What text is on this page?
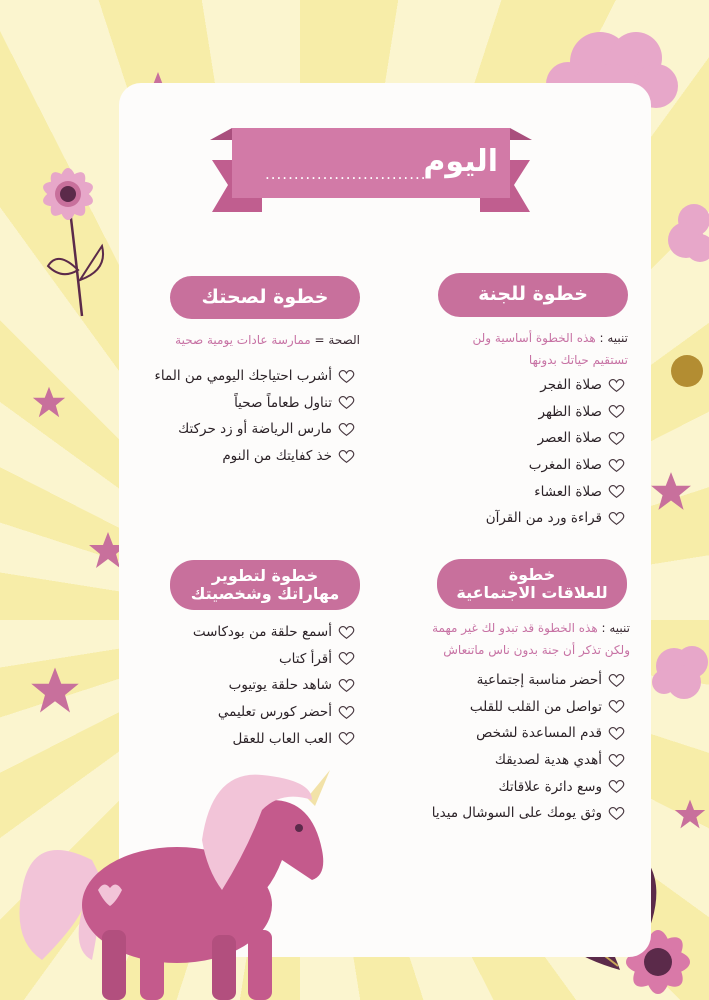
اليوم
............................
خطوة للجنة
تنبيه : هذه الخطوة أساسية ولن
تستقيم حياتك بدونها
صلاة الفجر
صلاة الظهر
صلاة العصر
صلاة المغرب
صلاة العشاء
قراءة ورد من القرآن
خطوة لصحتك
الصحة = ممارسة عادات يومية صحية
أشرب احتياجك اليومي من الماء
تناول طعاماً صحياً
مارس الرياضة أو زد حركتك
خذ كفايتك من النوم
خطوة
للعلاقات الاجتماعية
تنبيه : هذه الخطوة قد تبدو لك غير مهمة
ولكن تذكر أن جنة بدون ناس ماتنعاش
أحضر مناسبة إجتماعية
تواصل من القلب للقلب
قدم المساعدة لشخص
أهدي هدية لصديقك
وسع دائرة علاقاتك
وثق يومك على السوشال ميديا
خطوة لتطوير
مهاراتك وشخصيتك
أسمع حلقة من بودكاست
أقرأ كتاب
شاهد حلقة يوتيوب
أحضر كورس تعليمي
العب العاب للعقل
